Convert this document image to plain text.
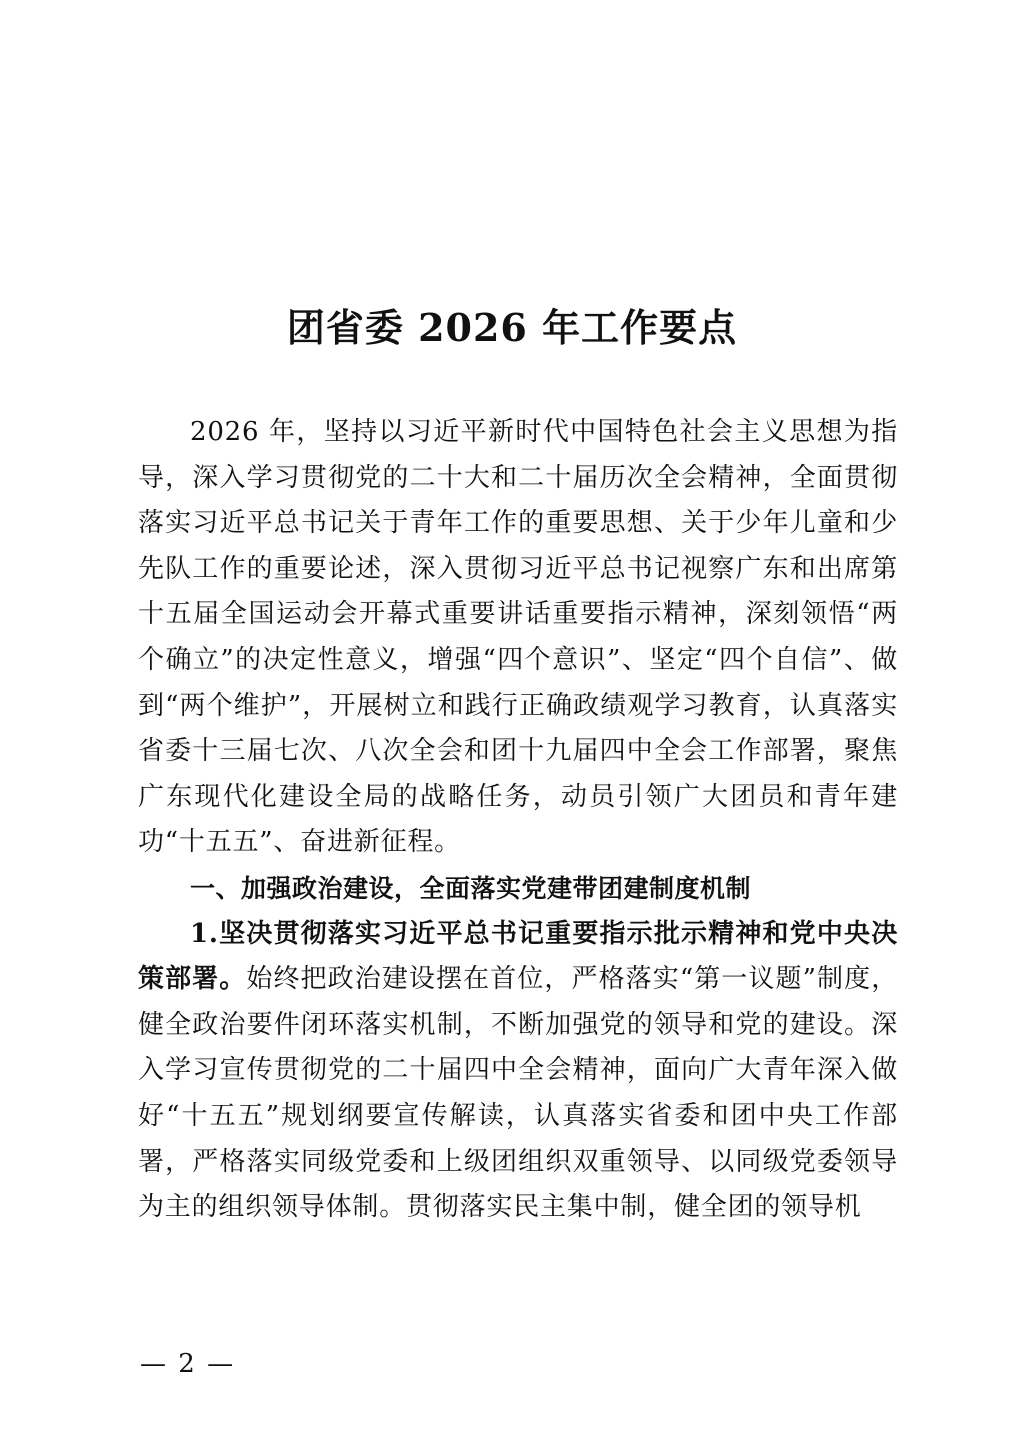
团省委 2026 年工作要点

2026 年，坚持以习近平新时代中国特色社会主义思想为指导，深入学习贯彻党的二十大和二十届历次全会精神，全面贯彻落实习近平总书记关于青年工作的重要思想、关于少年儿童和少先队工作的重要论述，深入贯彻习近平总书记视察广东和出席第十五届全国运动会开幕式重要讲话重要指示精神，深刻领悟“两个确立”的决定性意义，增强“四个意识”、坚定“四个自信”、做到“两个维护”，开展树立和践行正确政绩观学习教育，认真落实省委十三届七次、八次全会和团十九届四中全会工作部署，聚焦广东现代化建设全局的战略任务，动员引领广大团员和青年建功“十五五”、奋进新征程。

一、加强政治建设，全面落实党建带团建制度机制

1.坚决贯彻落实习近平总书记重要指示批示精神和党中央决策部署。始终把政治建设摆在首位，严格落实“第一议题”制度，健全政治要件闭环落实机制，不断加强党的领导和党的建设。深入学习宣传贯彻党的二十届四中全会精神，面向广大青年深入做好“十五五”规划纲要宣传解读，认真落实省委和团中央工作部署，严格落实同级党委和上级团组织双重领导、以同级党委领导为主的组织领导体制。贯彻落实民主集中制，健全团的领导机

— 2 —
